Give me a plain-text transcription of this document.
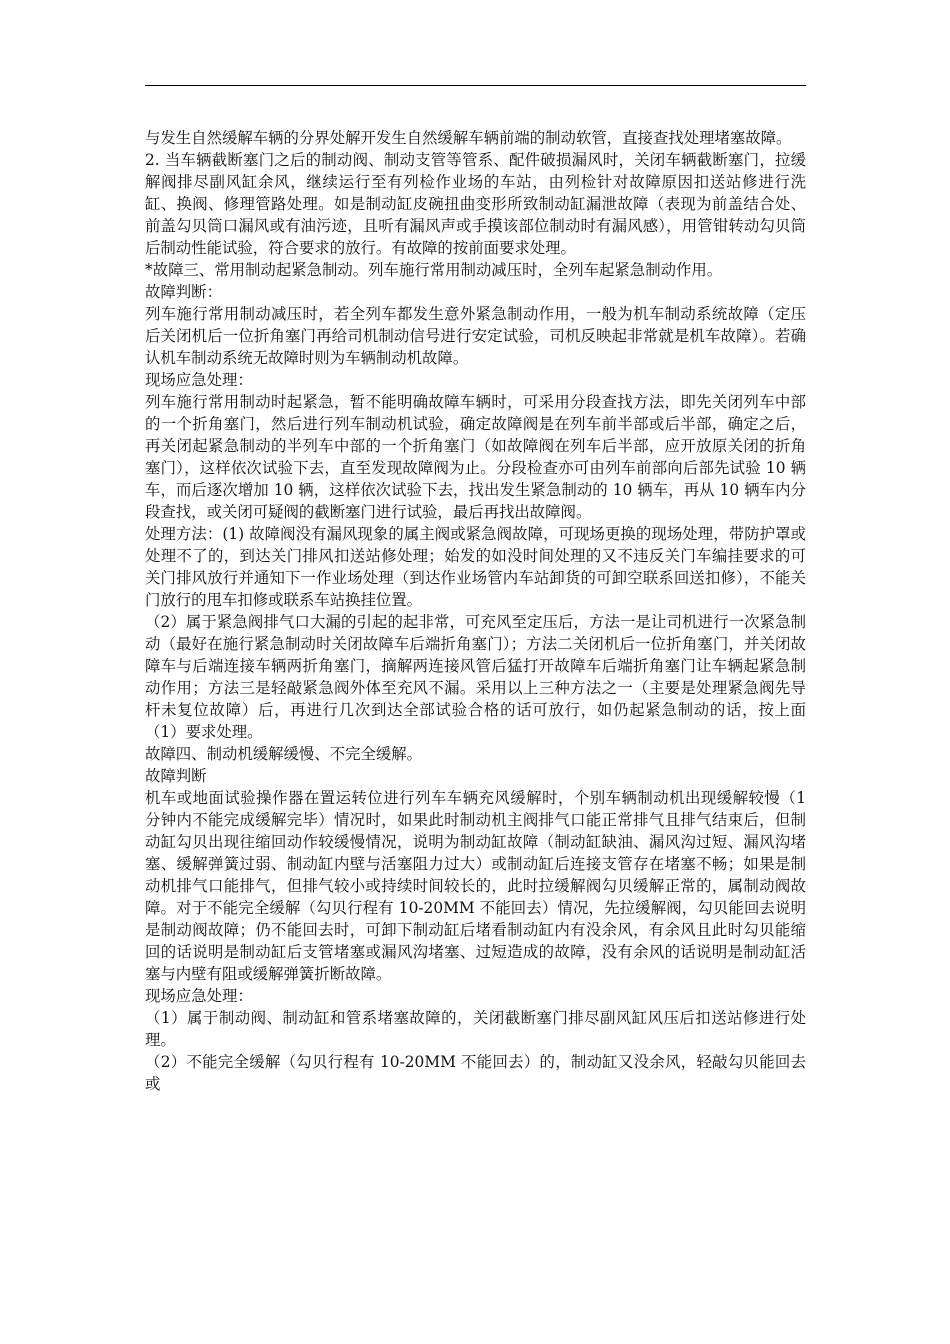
与发生自然缓解车辆的分界处解开发生自然缓解车辆前端的制动软管，直接查找处理堵塞故障。

2. 当车辆截断塞门之后的制动阀、制动支管等管系、配件破损漏风时，关闭车辆截断塞门，拉缓解阀排尽副风缸余风，继续运行至有列检作业场的车站，由列检针对故障原因扣送站修进行洗缸、换阀、修理管路处理。如是制动缸皮碗扭曲变形所致制动缸漏泄故障（表现为前盖结合处、前盖勾贝筒口漏风或有油污迹，且听有漏风声或手摸该部位制动时有漏风感），用管钳转动勾贝筒后制动性能试验，符合要求的放行。有故障的按前面要求处理。

*故障三、常用制动起紧急制动。列车施行常用制动减压时，全列车起紧急制动作用。

故障判断：

列车施行常用制动减压时，若全列车都发生意外紧急制动作用，一般为机车制动系统故障（定压后关闭机后一位折角塞门再给司机制动信号进行安定试验，司机反映起非常就是机车故障）。若确认机车制动系统无故障时则为车辆制动机故障。

现场应急处理：

列车施行常用制动时起紧急，暂不能明确故障车辆时，可采用分段查找方法，即先关闭列车中部的一个折角塞门，然后进行列车制动机试验，确定故障阀是在列车前半部或后半部，确定之后，再关闭起紧急制动的半列车中部的一个折角塞门（如故障阀在列车后半部，应开放原关闭的折角塞门），这样依次试验下去，直至发现故障阀为止。分段检查亦可由列车前部向后部先试验 10 辆车，而后逐次增加 10 辆，这样依次试验下去，找出发生紧急制动的 10 辆车，再从 10 辆车内分段查找，或关闭可疑阀的截断塞门进行试验，最后再找出故障阀。

处理方法：(1) 故障阀没有漏风现象的属主阀或紧急阀故障，可现场更换的现场处理，带防护罩或处理不了的，到达关门排风扣送站修处理；始发的如没时间处理的又不违反关门车编挂要求的可关门排风放行并通知下一作业场处理（到达作业场管内车站卸货的可卸空联系回送扣修），不能关门放行的甩车扣修或联系车站换挂位置。

（2）属于紧急阀排气口大漏的引起的起非常，可充风至定压后，方法一是让司机进行一次紧急制动（最好在施行紧急制动时关闭故障车后端折角塞门）；方法二关闭机后一位折角塞门，并关闭故障车与后端连接车辆两折角塞门，摘解两连接风管后猛打开故障车后端折角塞门让车辆起紧急制动作用；方法三是轻敲紧急阀外体至充风不漏。采用以上三种方法之一（主要是处理紧急阀先导杆未复位故障）后，再进行几次到达全部试验合格的话可放行，如仍起紧急制动的话，按上面（1）要求处理。

故障四、制动机缓解缓慢、不完全缓解。

故障判断

机车或地面试验操作器在置运转位进行列车车辆充风缓解时，个别车辆制动机出现缓解较慢（1 分钟内不能完成缓解完毕）情况时，如果此时制动机主阀排气口能正常排气且排气结束后，但制动缸勾贝出现往缩回动作较缓慢情况，说明为制动缸故障（制动缸缺油、漏风沟过短、漏风沟堵塞、缓解弹簧过弱、制动缸内壁与活塞阻力过大）或制动缸后连接支管存在堵塞不畅；如果是制动机排气口能排气，但排气较小或持续时间较长的，此时拉缓解阀勾贝缓解正常的，属制动阀故障。对于不能完全缓解（勾贝行程有 10-20MM 不能回去）情况，先拉缓解阀，勾贝能回去说明是制动阀故障；仍不能回去时，可卸下制动缸后堵看制动缸内有没余风，有余风且此时勾贝能缩回的话说明是制动缸后支管堵塞或漏风沟堵塞、过短造成的故障，没有余风的话说明是制动缸活塞与内壁有阻或缓解弹簧折断故障。

现场应急处理：

（1）属于制动阀、制动缸和管系堵塞故障的，关闭截断塞门排尽副风缸风压后扣送站修进行处理。

（2）不能完全缓解（勾贝行程有 10-20MM 不能回去）的，制动缸又没余风，轻敲勾贝能回去或
